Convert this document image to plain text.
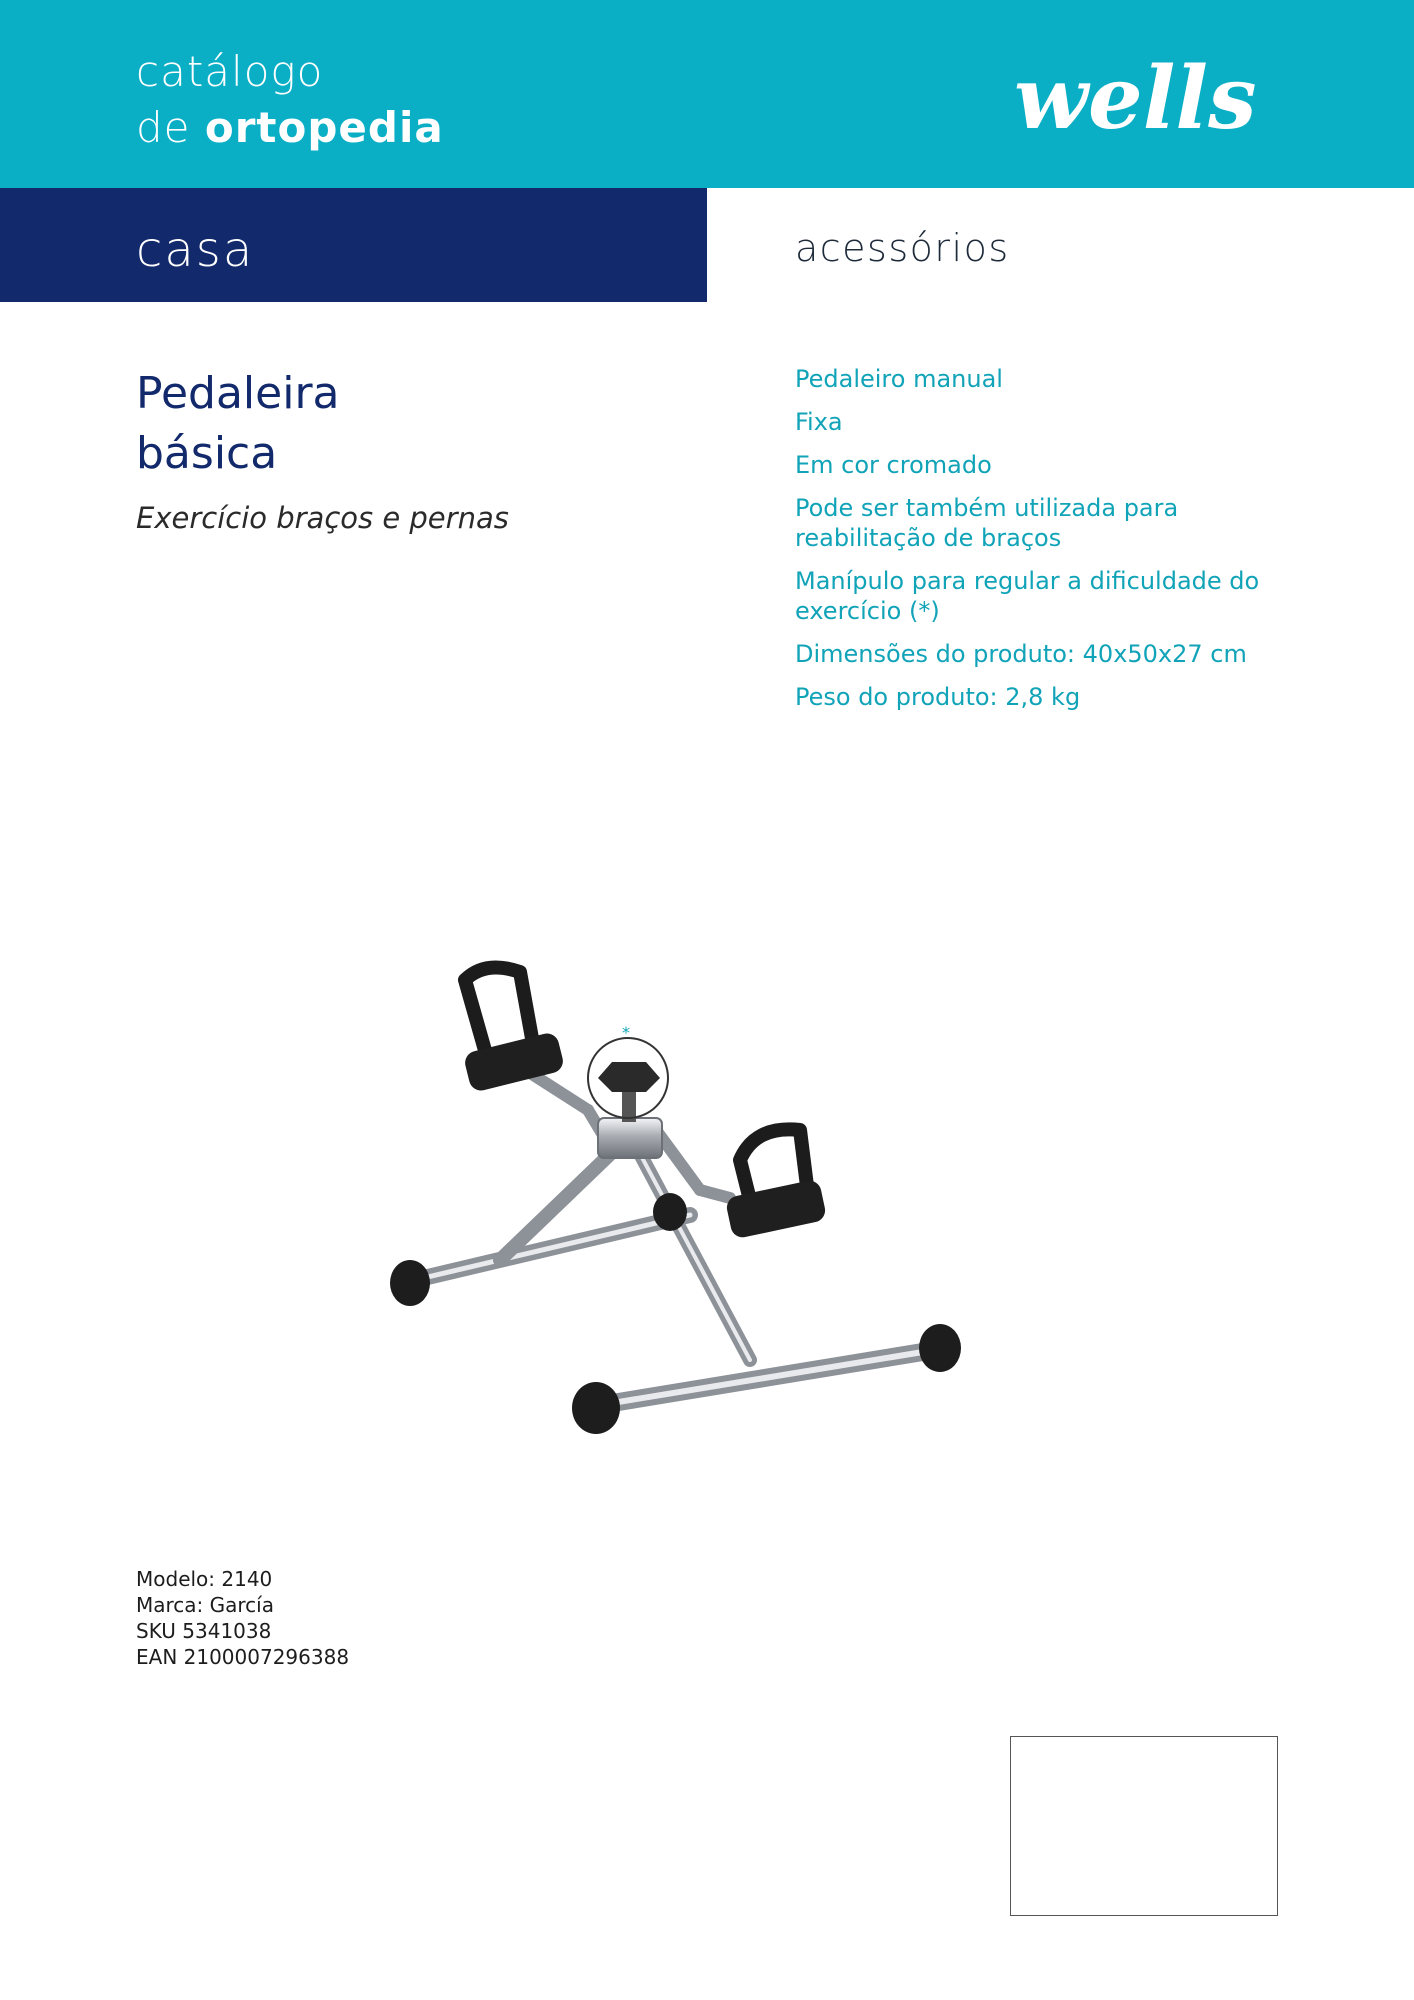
catálogo
de ortopedia	wells
casa	acessórios
Pedaleira
básica
Exercício braços e pernas
Pedaleiro manual
Fixa
Em cor cromado
Pode ser também utilizada para reabilitação de braços
Manípulo para regular a dificuldade do exercício (*)
Dimensões do produto: 40x50x27 cm
Peso do produto: 2,8 kg
*
Modelo: 2140
Marca: García
SKU 5341038
EAN 2100007296388
